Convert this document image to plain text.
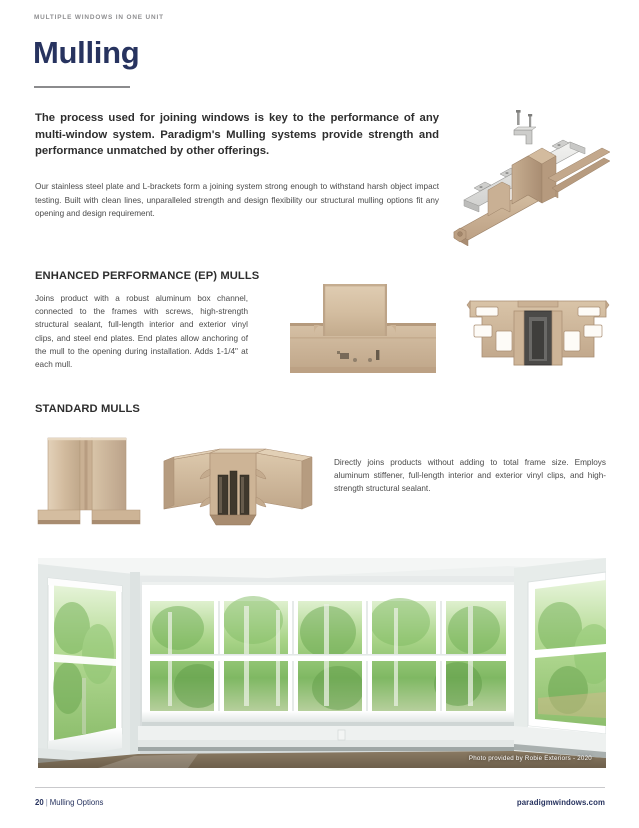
MULTIPLE WINDOWS IN ONE UNIT
Mulling

The process used for joining windows is key to the performance of any multi-window system. Paradigm's Mulling systems provide strength and performance unmatched by other offerings.

Our stainless steel plate and L-brackets form a joining system strong enough to withstand harsh object impact testing. Built with clean lines, unparalleled strength and design flexibility our structural mulling options fit any opening and design requirement.

ENHANCED PERFORMANCE (EP) MULLS

Joins product with a robust aluminum box channel, connected to the frames with screws, high-strength structural sealant, full-length interior and exterior vinyl clips, and steel end plates. End plates allow anchoring of the mull to the opening during installation. Adds 1-1/4" at each mull.

STANDARD MULLS

Directly joins products without adding to total frame size. Employs aluminum stiffener, full-length interior and exterior vinyl clips, and high-strength structural sealant.

Photo provided by Robie Exteriors - 2020
20 | Mulling Options	paradigmwindows.com
